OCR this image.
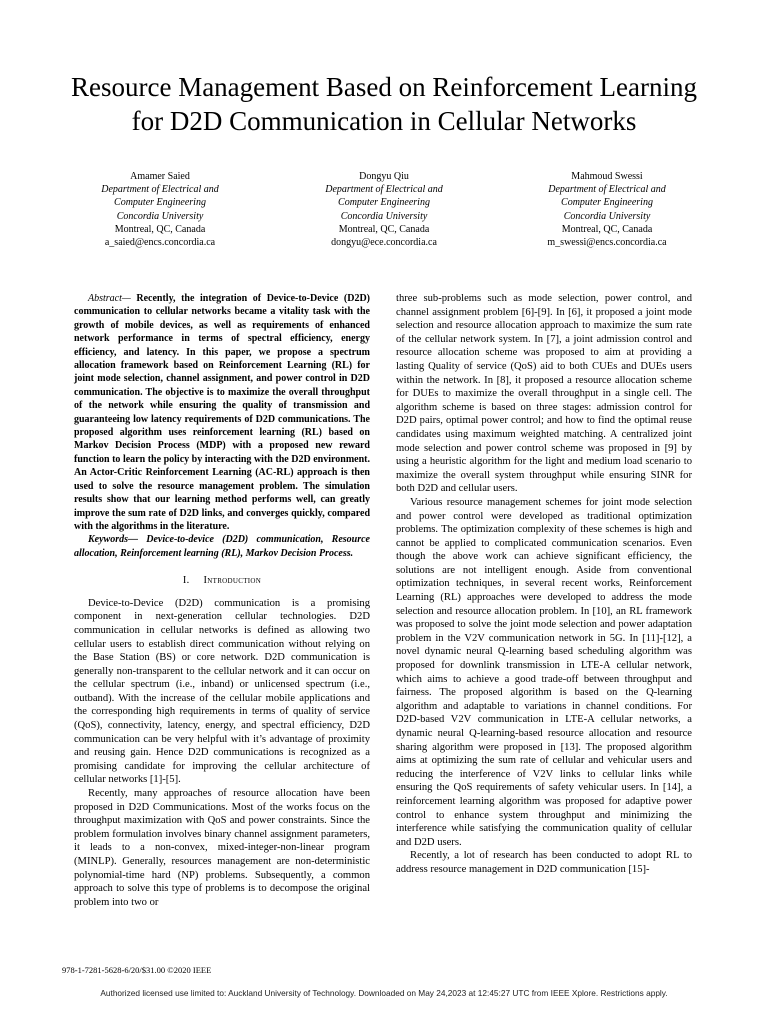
Resource Management Based on Reinforcement Learning
for D2D Communication in Cellular Networks
Amamer Saied
Department of Electrical and
Computer Engineering
Concordia University
Montreal, QC, Canada
a_saied@encs.concordia.ca
Dongyu Qiu
Department of Electrical and
Computer Engineering
Concordia University
Montreal, QC, Canada
dongyu@ece.concordia.ca
Mahmoud Swessi
Department of Electrical and
Computer Engineering
Concordia University
Montreal, QC, Canada
m_swessi@encs.concordia.ca

Abstract— Recently, the integration of Device-to-Device (D2D) communication to cellular networks became a vitality task with the growth of mobile devices, as well as requirements of enhanced network performance in terms of spectral efficiency, energy efficiency, and latency. In this paper, we propose a spectrum allocation framework based on Reinforcement Learning (RL) for joint mode selection, channel assignment, and power control in D2D communication. The objective is to maximize the overall throughput of the network while ensuring the quality of transmission and guaranteeing low latency requirements of D2D communications. The proposed algorithm uses reinforcement learning (RL) based on Markov Decision Process (MDP) with a proposed new reward function to learn the policy by interacting with the D2D environment. An Actor-Critic Reinforcement Learning (AC-RL) approach is then used to solve the resource management problem. The simulation results show that our learning method performs well, can greatly improve the sum rate of D2D links, and converges quickly, compared with the algorithms in the literature.

Keywords— Device-to-device (D2D) communication, Resource allocation, Reinforcement learning (RL), Markov Decision Process.

I. Introduction

Device-to-Device (D2D) communication is a promising component in next-generation cellular technologies. D2D communication in cellular networks is defined as allowing two cellular users to establish direct communication without relying on the Base Station (BS) or core network. D2D communication is generally non-transparent to the cellular network and it can occur on the cellular spectrum (i.e., inband) or unlicensed spectrum (i.e., outband). With the increase of the cellular mobile applications and the corresponding high requirements in terms of quality of service (QoS), connectivity, latency, energy, and spectral efficiency, D2D communication can be very helpful with it’s advantage of proximity and reusing gain. Hence D2D communications is recognized as a promising candidate for improving the cellular architecture of cellular networks [1]-[5].

Recently, many approaches of resource allocation have been proposed in D2D Communications. Most of the works focus on the throughput maximization with QoS and power constraints. Since the problem formulation involves binary channel assignment parameters, it leads to a non-convex, mixed-integer-non-linear program (MINLP). Generally, resources management are non-deterministic polynomial-time hard (NP) problems. Subsequently, a common approach to solve this type of problems is to decompose the original problem into two or

three sub-problems such as mode selection, power control, and channel assignment problem [6]-[9]. In [6], it proposed a joint mode selection and resource allocation approach to maximize the sum rate of the cellular network system. In [7], a joint admission control and resource allocation scheme was proposed to aim at providing a lasting Quality of service (QoS) aid to both CUEs and DUEs users within the network. In [8], it proposed a resource allocation scheme for DUEs to maximize the overall throughput in a single cell. The algorithm scheme is based on three stages: admission control for D2D pairs, optimal power control; and how to find the optimal reuse candidates using maximum weighted matching. A centralized joint mode selection and power control scheme was proposed in [9] by using a heuristic algorithm for the light and medium load scenario to maximize the overall system throughput while ensuring SINR for both D2D and cellular users.

Various resource management schemes for joint mode selection and power control were developed as traditional optimization problems. The optimization complexity of these schemes is high and cannot be applied to complicated communication scenarios. Even though the above work can achieve significant efficiency, the solutions are not intelligent enough. Aside from conventional optimization techniques, in several recent works, Reinforcement Learning (RL) approaches were developed to address the mode selection and resource allocation problem. In [10], an RL framework was proposed to solve the joint mode selection and power adaptation problem in the V2V communication network in 5G. In [11]-[12], a novel dynamic neural Q-learning based scheduling algorithm was proposed for downlink transmission in LTE-A cellular network, which aims to achieve a good trade-off between throughput and fairness. The proposed algorithm is based on the Q-learning algorithm and adaptable to variations in channel conditions. For D2D-based V2V communication in LTE-A cellular networks, a dynamic neural Q-learning-based resource allocation and resource sharing algorithm were proposed in [13]. The proposed algorithm aims at optimizing the sum rate of cellular and vehicular users and reducing the interference of V2V links to cellular links while ensuring the QoS requirements of safety vehicular users. In [14], a reinforcement learning algorithm was proposed for adaptive power control to enhance system throughput and minimizing the interference while satisfying the communication quality of cellular and D2D users.

Recently, a lot of research has been conducted to adopt RL to address resource management in D2D communication [15]-

978-1-7281-5628-6/20/$31.00 ©2020 IEEE
Authorized licensed use limited to: Auckland University of Technology. Downloaded on May 24,2023 at 12:45:27 UTC from IEEE Xplore. Restrictions apply.
